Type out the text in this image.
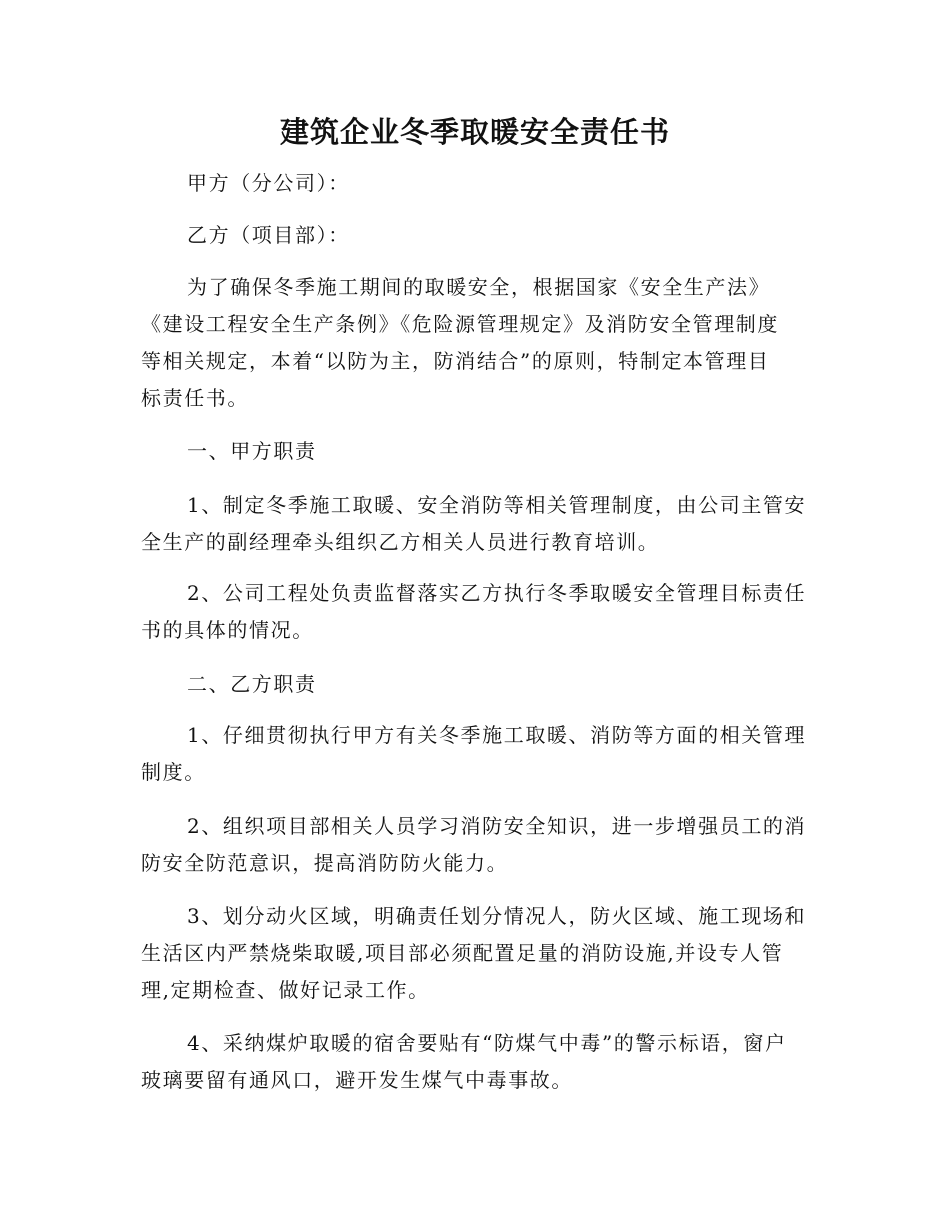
建筑企业冬季取暖安全责任书
甲方（分公司）：
乙方（项目部）：
为了确保冬季施工期间的取暖安全，根据国家《安全生产法》
《建设工程安全生产条例》《危险源管理规定》及消防安全管理制度
等相关规定，本着“以防为主，防消结合”的原则，特制定本管理目
标责任书。
一、甲方职责
1、制定冬季施工取暖、安全消防等相关管理制度，由公司主管安
全生产的副经理牵头组织乙方相关人员进行教育培训。
2、公司工程处负责监督落实乙方执行冬季取暖安全管理目标责任
书的具体的情况。
二、乙方职责
1、仔细贯彻执行甲方有关冬季施工取暖、消防等方面的相关管理
制度。
2、组织项目部相关人员学习消防安全知识，进一步增强员工的消
防安全防范意识，提高消防防火能力。
3、划分动火区域，明确责任划分情况人，防火区域、施工现场和
生活区内严禁烧柴取暖,项目部必须配置足量的消防设施,并设专人管
理,定期检查、做好记录工作。
4、采纳煤炉取暖的宿舍要贴有“防煤气中毒”的警示标语，窗户
玻璃要留有通风口，避开发生煤气中毒事故。
